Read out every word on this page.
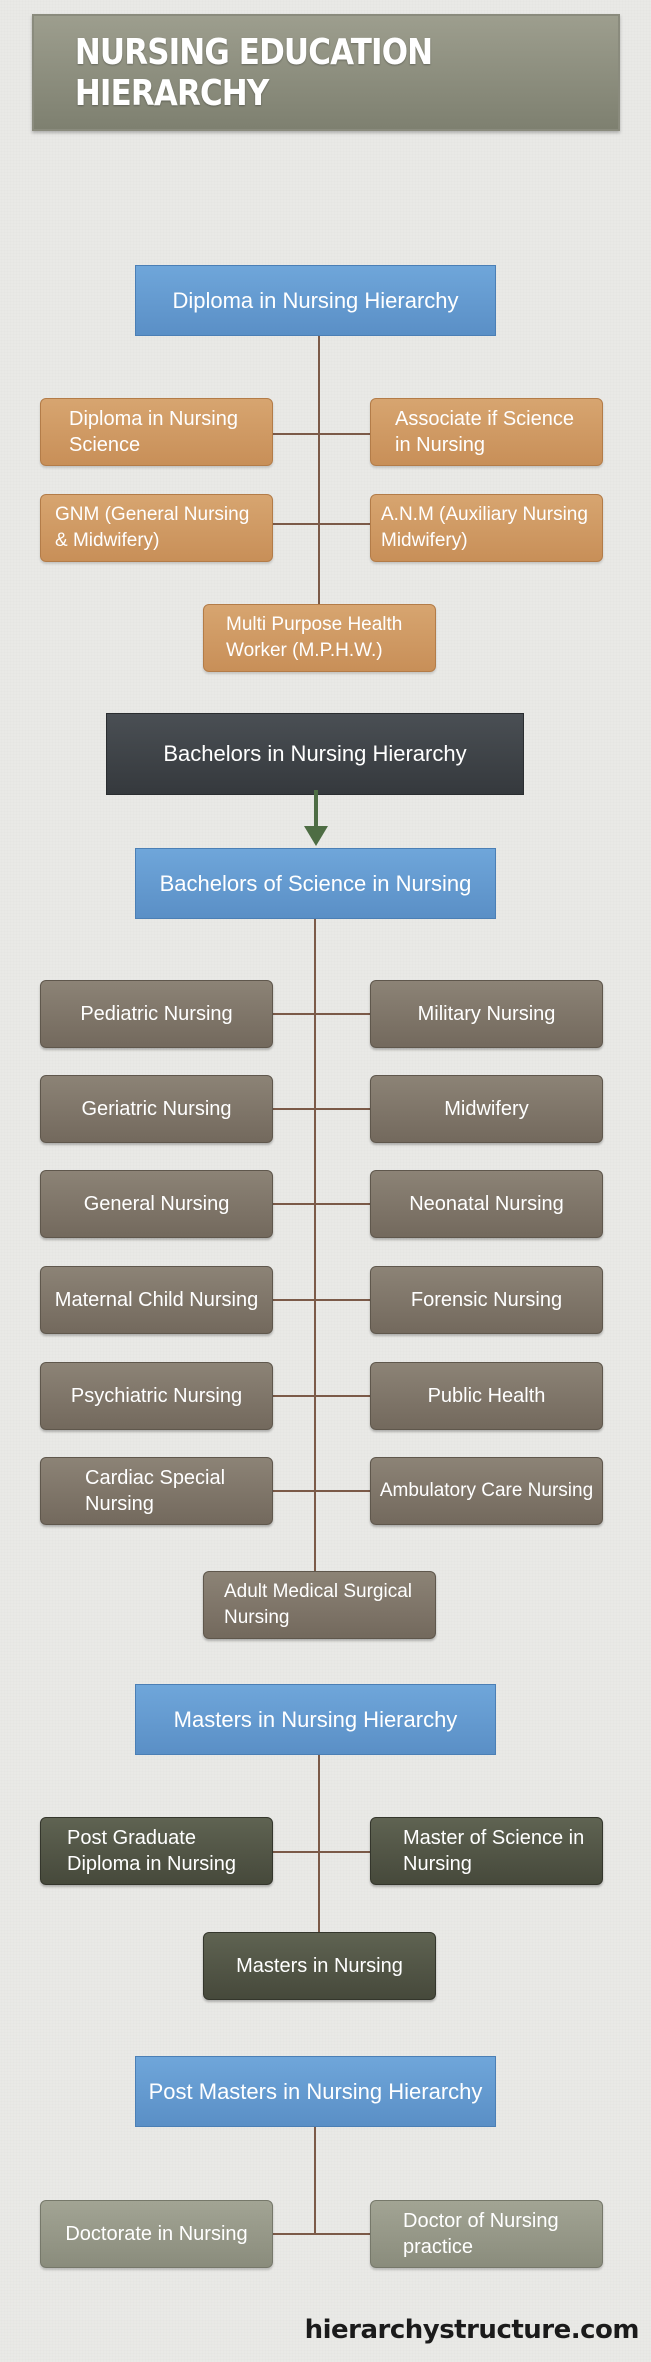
NURSING EDUCATION HIERARCHY
Diploma in Nursing Hierarchy
Diploma in Nursing Science
Associate if Science in Nursing
GNM (General Nursing & Midwifery)
A.N.M (Auxiliary Nursing Midwifery)
Multi Purpose Health Worker (M.P.H.W.)
Bachelors in Nursing Hierarchy
Bachelors of Science in Nursing
Pediatric Nursing	Military Nursing
Geriatric Nursing	Midwifery
General Nursing	Neonatal Nursing
Maternal Child Nursing	Forensic Nursing
Psychiatric Nursing	Public Health
Cardiac Special Nursing
Ambulatory Care Nursing
Adult Medical Surgical Nursing
Masters in Nursing Hierarchy
Post Graduate Diploma in Nursing
Master of Science in Nursing
Masters in Nursing
Post Masters in Nursing Hierarchy
Doctorate in Nursing
Doctor of Nursing practice
hierarchystructure.com
